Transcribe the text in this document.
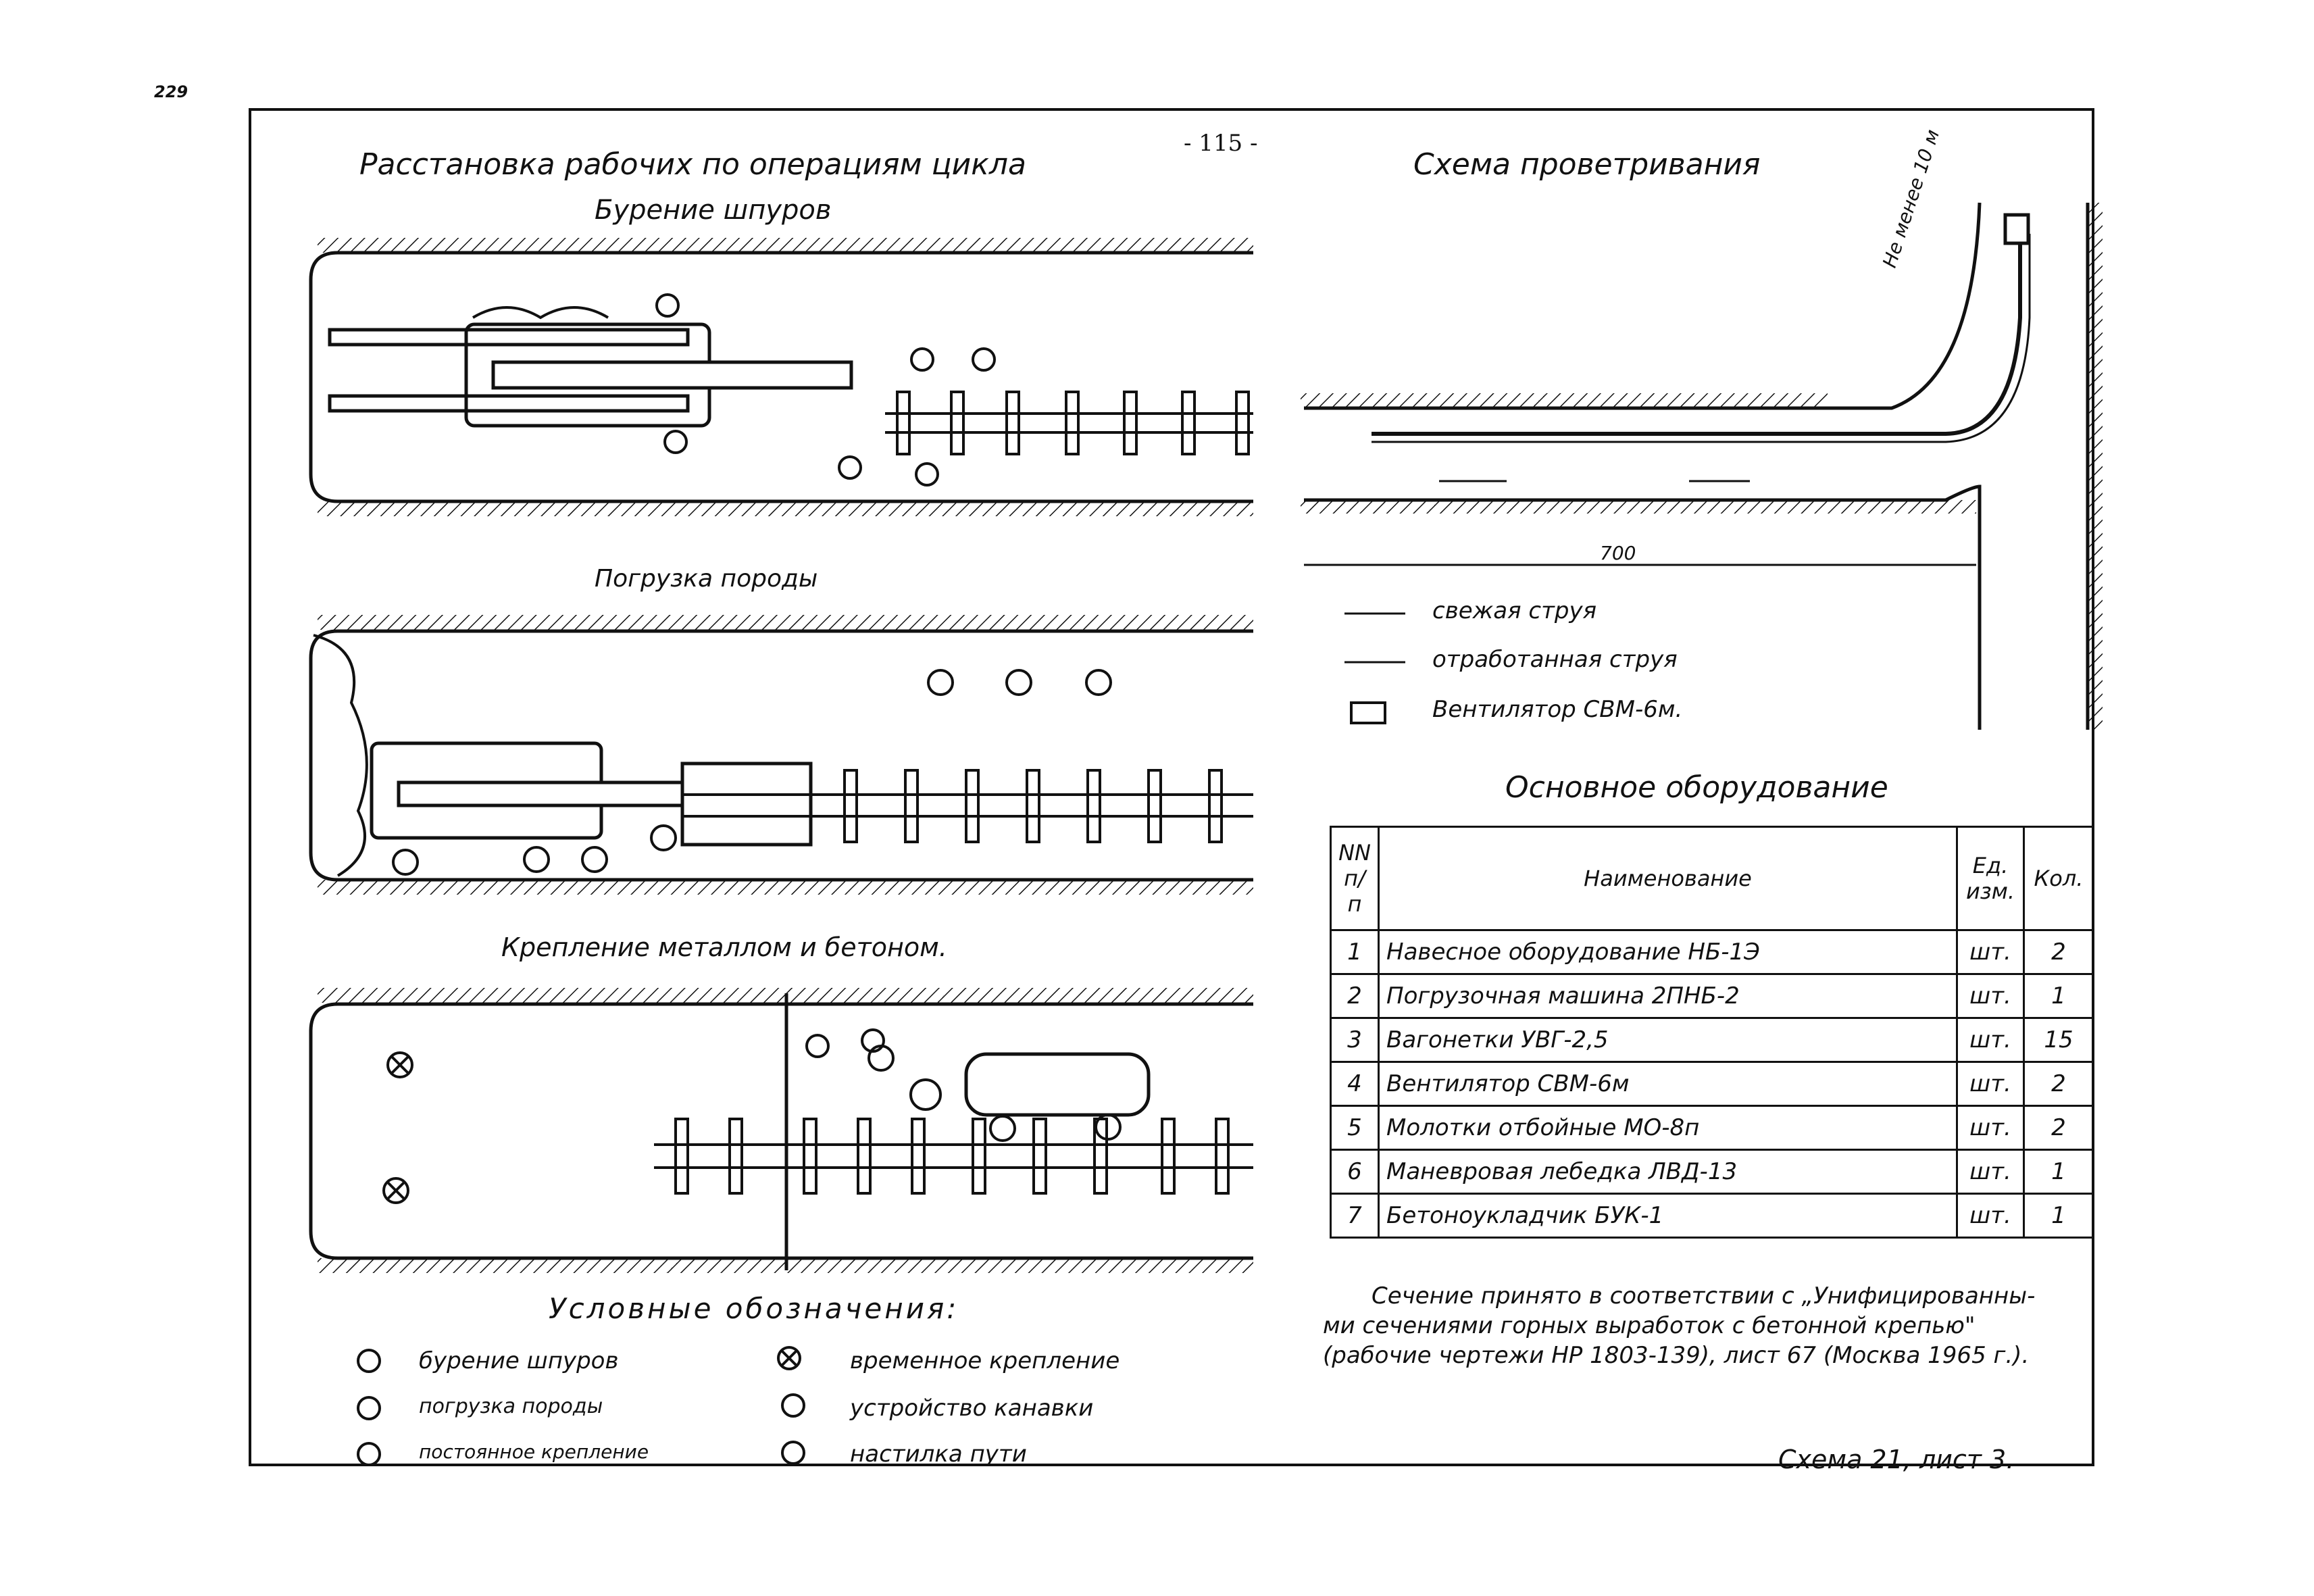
229
- 115 -
Расстановка рабочих по операциям цикла
Бурение шпуров
Погрузка породы
Крепление металлом и бетоном.
Схема проветривания
700
Не менее 10 м
свежая струя
отработанная струя
Вентилятор СВМ-6м.
Основное оборудование
NN п/п	Наименование	Ед. изм.	Кол.
1	Навесное оборудование НБ-1Э	шт.	2
2	Погрузочная машина 2ПНБ-2	шт.	1
3	Вагонетки УВГ-2,5	шт.	15
4	Вентилятор СВМ-6м	шт.	2
5	Молотки отбойные МО-8п	шт.	2
6	Маневровая лебедка ЛВД-13	шт.	1
7	Бетоноукладчик БУК-1	шт.	1
Сечение принято в соответствии с „Унифицированны-
ми сечениями горных выработок с бетонной крепью"
(рабочие чертежи НР 1803-139), лист 67 (Москва 1965 г.).
Условные обозначения:
бурение шпуров
погрузка породы
постоянное крепление
временное крепление
устройство канавки
настилка пути	Схема 21, лист 3.
